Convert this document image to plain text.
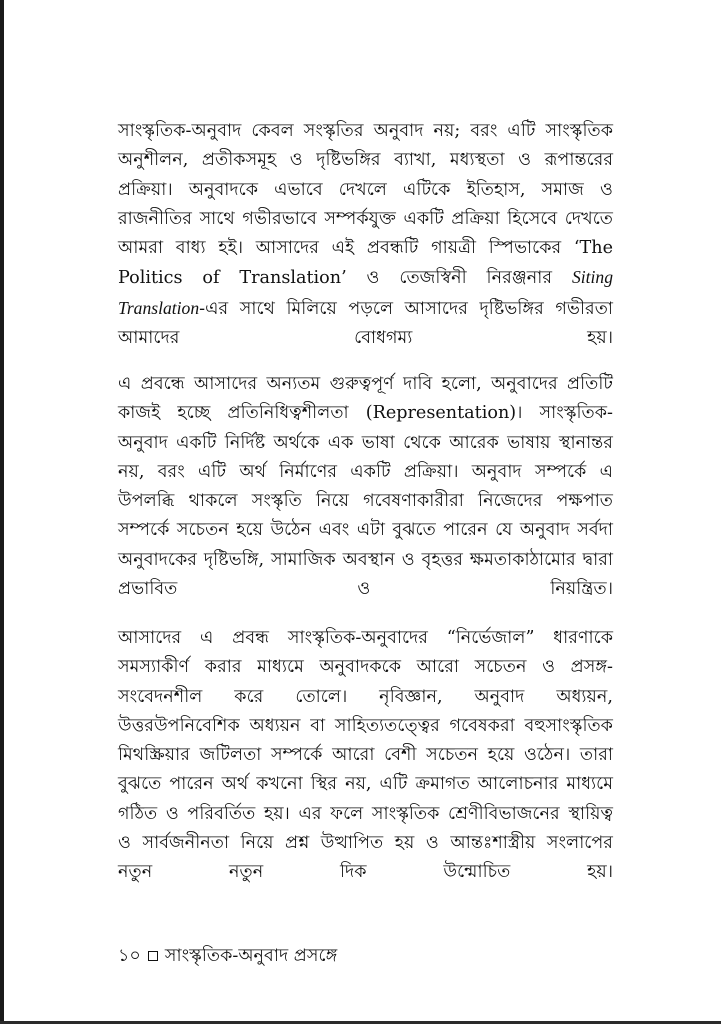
সাংস্কৃতিক-অনুবাদ কেবল সংস্কৃতির অনুবাদ নয়; বরং এটি সাংস্কৃতিক অনুশীলন, প্রতীকসমূহ ও দৃষ্টিভঙ্গির ব্যাখা, মধ্যস্থতা ও রূপান্তরের প্রক্রিয়া। অনুবাদকে এভাবে দেখলে এটিকে ইতিহাস, সমাজ ও রাজনীতির সাথে গভীরভাবে সম্পর্কযুক্ত একটি প্রক্রিয়া হিসেবে দেখতে আমরা বাধ্য হই। আসাদের এই প্রবন্ধটি গায়ত্রী স্পিভাকের ‘The Politics of Translation’ ও তেজস্বিনী নিরঞ্জনার Siting Translation-এর সাথে মিলিয়ে পড়লে আসাদের দৃষ্টিভঙ্গির গভীরতা আমাদের বোধগম্য হয়।
এ প্রবন্ধে আসাদের অন্যতম গুরুত্বপূর্ণ দাবি হলো, অনুবাদের প্রতিটি কাজই হচ্ছে প্রতিনিধিত্বশীলতা (Representation)। সাংস্কৃতিক-অনুবাদ একটি নির্দিষ্ট অর্থকে এক ভাষা থেকে আরেক ভাষায় স্থানান্তর নয়, বরং এটি অর্থ নির্মাণের একটি প্রক্রিয়া। অনুবাদ সম্পর্কে এ উপলব্ধি থাকলে সংস্কৃতি নিয়ে গবেষণাকারীরা নিজেদের পক্ষপাত সম্পর্কে সচেতন হয়ে উঠেন এবং এটা বুঝতে পারেন যে অনুবাদ সর্বদা অনুবাদকের দৃষ্টিভঙ্গি, সামাজিক অবস্থান ও বৃহত্তর ক্ষমতাকাঠামোর দ্বারা প্রভাবিত ও নিয়ন্ত্রিত।
আসাদের এ প্রবন্ধ সাংস্কৃতিক-অনুবাদের “নির্ভেজাল” ধারণাকে সমস্যাকীর্ণ করার মাধ্যমে অনুবাদককে আরো সচেতন ও প্রসঙ্গ-সংবেদনশীল করে তোলে। নৃবিজ্ঞান, অনুবাদ অধ্যয়ন, উত্তরউপনিবেশিক অধ্যয়ন বা সাহিত্যতত্ত্বের গবেষকরা বহুসাংস্কৃতিক মিথস্ক্রিয়ার জটিলতা সম্পর্কে আরো বেশী সচেতন হয়ে ওঠেন। তারা বুঝতে পারেন অর্থ কখনো স্থির নয়, এটি ক্রমাগত আলোচনার মাধ্যমে গঠিত ও পরিবর্তিত হয়। এর ফলে সাংস্কৃতিক শ্রেণীবিভাজনের স্থায়িত্ব ও সার্বজনীনতা নিয়ে প্রশ্ন উত্থাপিত হয় ও আন্তঃশাস্ত্রীয় সংলাপের নতুন নতুন দিক উন্মোচিত হয়।
১০ সাংস্কৃতিক-অনুবাদ প্রসঙ্গে
